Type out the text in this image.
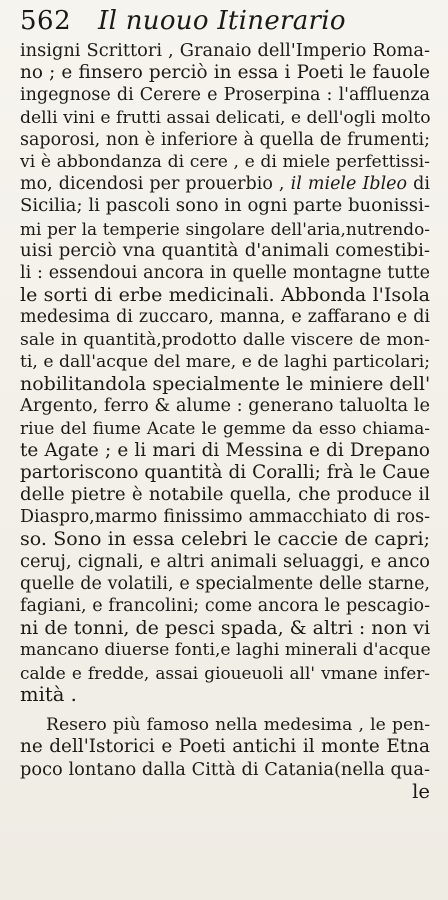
562	Il nuouo Itinerario
insigni Scrittori , Granaio dell'Imperio Roma-
no ; e finsero perciò in essa i Poeti le fauole
ingegnose di Cerere e Proserpina : l'affluenza
delli vini e frutti assai delicati, e dell'ogli molto
saporosi, non è inferiore à quella de frumenti;
vi è abbondanza di cere , e di miele perfettissi-
mo, dicendosi per prouerbio , il miele Ibleo di
Sicilia; li pascoli sono in ogni parte buonissi-
mi per la temperie singolare dell'aria,nutrendo-
uisi perciò vna quantità d'animali comestibi-
li : essendoui ancora in quelle montagne tutte
le sorti di erbe medicinali. Abbonda l'Isola
medesima di zuccaro, manna, e zaffarano e di
sale in quantità,prodotto dalle viscere de mon-
ti, e dall'acque del mare, e de laghi particolari;
nobilitandola specialmente le miniere dell'
Argento, ferro & alume : generano taluolta le
riue del fiume Acate le gemme da esso chiama-
te Agate ; e li mari di Messina e di Drepano
partoriscono quantità di Coralli; frà le Caue
delle pietre è notabile quella, che produce il
Diaspro,marmo finissimo ammacchiato di ros-
so. Sono in essa celebri le caccie de capri;
ceruj, cignali, e altri animali seluaggi, e anco
quelle de volatili, e specialmente delle starne,
fagiani, e francolini; come ancora le pescagio-
ni de tonni, de pesci spada, & altri : non vi
mancano diuerse fonti,e laghi minerali d'acque
calde e fredde, assai gioueuoli all' vmane infer-
mità .
Resero più famoso nella medesima , le pen-
ne dell'Istorici e Poeti antichi il monte Etna
poco lontano dalla Città di Catania(nella qua-
le
